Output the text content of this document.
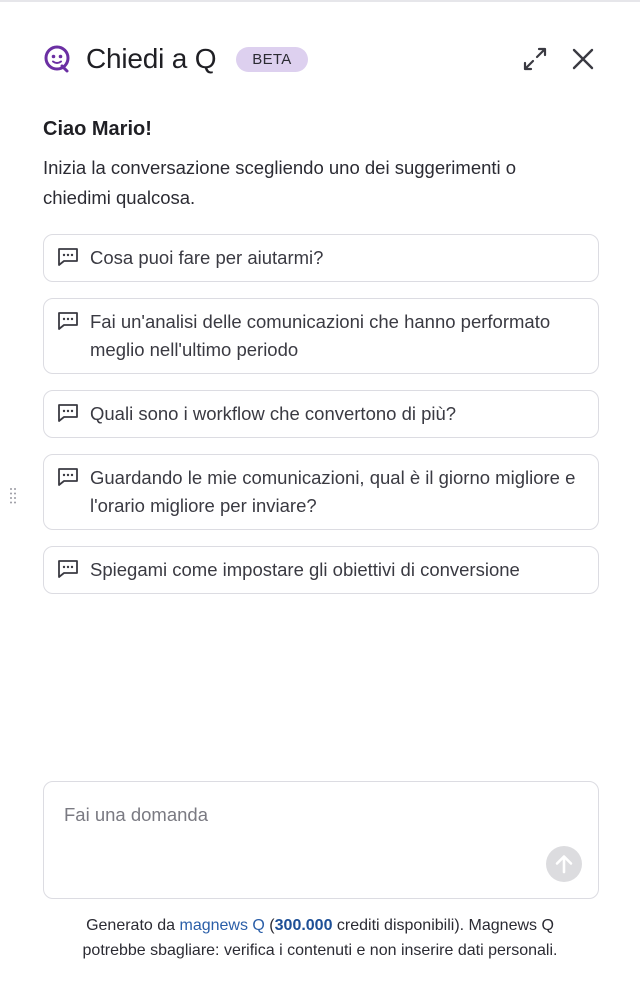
Chiedi a Q	BETA
Ciao Mario!
Inizia la conversazione scegliendo uno dei suggerimenti o chiedimi qualcosa.
Cosa puoi fare per aiutarmi?
Fai un'analisi delle comunicazioni che hanno performato meglio nell'ultimo periodo
Quali sono i workflow che convertono di più?
Guardando le mie comunicazioni, qual è il giorno migliore e l'orario migliore per inviare?
Spiegami come impostare gli obiettivi di conversione
Fai una domanda
Generato da magnews Q (300.000 crediti disponibili). Magnews Q
potrebbe sbagliare: verifica i contenuti e non inserire dati personali.
